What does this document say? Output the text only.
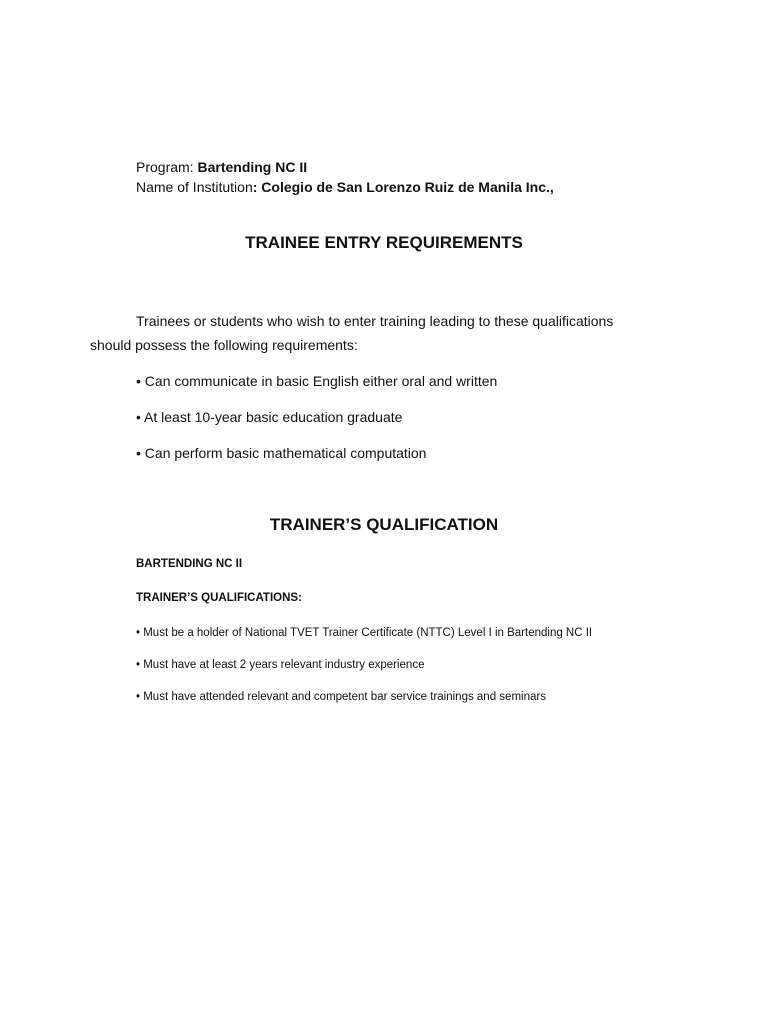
Program: Bartending NC II
Name of Institution: Colegio de San Lorenzo Ruiz de Manila Inc.,
TRAINEE ENTRY REQUIREMENTS
Trainees or students who wish to enter training leading to these qualifications
should possess the following requirements:
• Can communicate in basic English either oral and written
• At least 10-year basic education graduate
• Can perform basic mathematical computation
TRAINER’S QUALIFICATION
BARTENDING NC II
TRAINER’S QUALIFICATIONS:
• Must be a holder of National TVET Trainer Certificate (NTTC) Level I in Bartending NC II
• Must have at least 2 years relevant industry experience
• Must have attended relevant and competent bar service trainings and seminars
